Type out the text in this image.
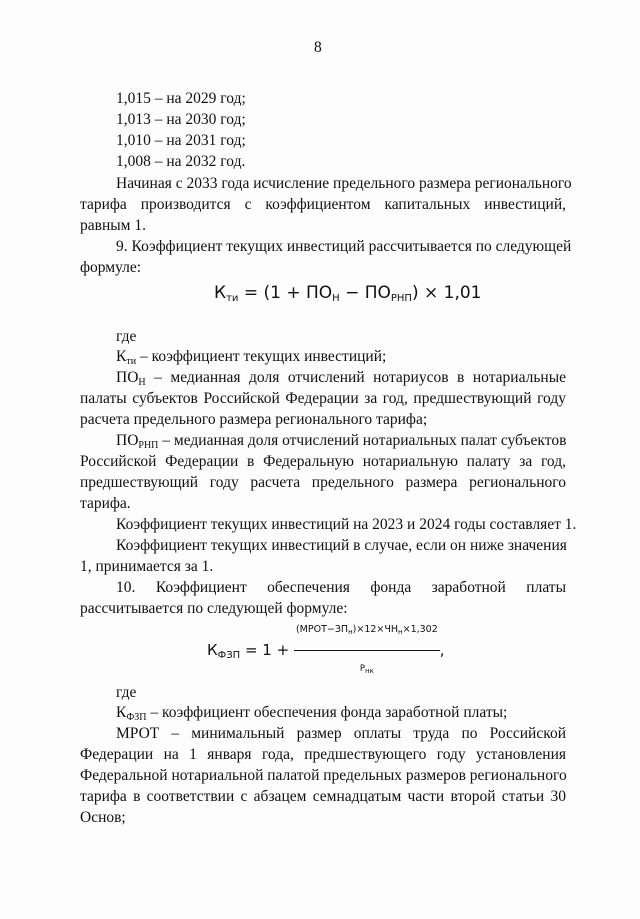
8
1,015 – на 2029 год;
1,013 – на 2030 год;
1,010 – на 2031 год;
1,008 – на 2032 год.
Начиная с 2033 года исчисление предельного размера регионального
тарифа производится с коэффициентом капитальных инвестиций,
равным 1.
9. Коэффициент текущих инвестиций рассчитывается по следующей
формуле:
$К_{ти} = (1 + ПО_Н - ПО_{РНП}) \times 1,01$
где
$К_{ти}$ – коэффициент текущих инвестиций;
$ПО_Н$ – медианная доля отчислений нотариусов в нотариальные
палаты субъектов Российской Федерации за год, предшествующий году
расчета предельного размера регионального тарифа;
$ПО_{РНП}$ – медианная доля отчислений нотариальных палат субъектов
Российской Федерации в Федеральную нотариальную палату за год,
предшествующий году расчета предельного размера регионального
тарифа.
Коэффициент текущих инвестиций на 2023 и 2024 годы составляет 1.
Коэффициент текущих инвестиций в случае, если он ниже значения
1, принимается за 1.
10. Коэффициент обеспечения фонда заработной платы
рассчитывается по следующей формуле:
$К_{ФЗП} = 1 + \frac{(МРОТ-ЗП_н)\times 12\times ЧН_н\times 1,302}{Р_{нк}}$ ,
где
$К_{ФЗП}$ – коэффициент обеспечения фонда заработной платы;
МРОТ – минимальный размер оплаты труда по Российской
Федерации на 1 января года, предшествующего году установления
Федеральной нотариальной палатой предельных размеров регионального
тарифа в соответствии с абзацем семнадцатым части второй статьи 30
Основ;
